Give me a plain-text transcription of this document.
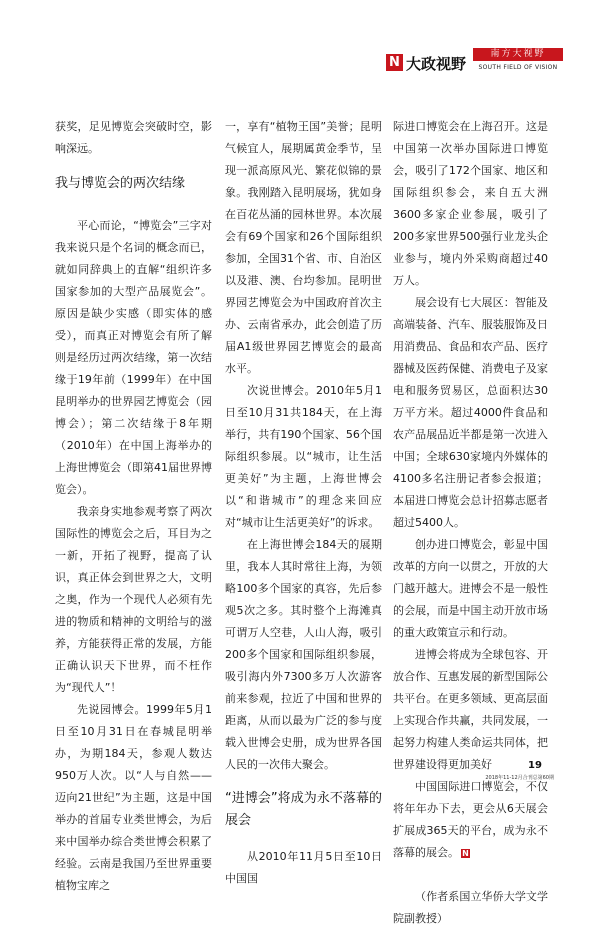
N 大政视野
南方大视野
SOUTH FIELD OF VISION

获奖，足见博览会突破时空，影响深远。

我与博览会的两次结缘

平心而论，“博览会”三字对我来说只是个名词的概念而已，就如同辞典上的直解“组织许多国家参加的大型产品展览会”。原因是缺少实感（即实体的感受），而真正对博览会有所了解则是经历过两次结缘，第一次结缘于19年前（1999年）在中国昆明举办的世界园艺博览会（园博会）；第二次结缘于8年期（2010年）在中国上海举办的上海世博览会（即第41届世界博览会）。

我亲身实地参观考察了两次国际性的博览会之后，耳目为之一新，开拓了视野，提高了认识，真正体会到世界之大，文明之奥，作为一个现代人必须有先进的物质和精神的文明给与的滋养，方能获得正常的发展，方能正确认识天下世界，而不枉作为“现代人”！

先说园博会。1999年5月1日至10月31日在春城昆明举办，为期184天，参观人数达950万人次。以“人与自然——迈向21世纪”为主题，这是中国举办的首届专业类世博会，为后来中国举办综合类世博会积累了经验。云南是我国乃至世界重要植物宝库之

一，享有“植物王国”美誉；昆明气候宜人，展期属黄金季节，呈现一派高原风光、繁花似锦的景象。我刚踏入昆明展场，犹如身在百花丛涌的园林世界。本次展会有69个国家和26个国际组织参加，全国31个省、市、自治区以及港、澳、台均参加。昆明世界园艺博览会为中国政府首次主办、云南省承办，此会创造了历届A1级世界园艺博览会的最高水平。

次说世博会。2010年5月1日至10月31共184天，在上海举行，共有190个国家、56个国际组织参展。以“城市，让生活更美好”为主题，上海世博会以“和谐城市”的理念来回应对“城市让生活更美好”的诉求。

在上海世博会184天的展期里，我本人其时常往上海，为领略100多个国家的真容，先后参观5次之多。其时整个上海滩真可谓万人空巷，人山人海，吸引200多个国家和国际组织参展，吸引海内外7300多万人次游客前来参观，拉近了中国和世界的距离，从而以最为广泛的参与度载入世博会史册，成为世界各国人民的一次伟大聚会。

“进博会”将成为永不落幕的展会

从2010年11月5日至10日中国国

际进口博览会在上海召开。这是中国第一次举办国际进口博览会，吸引了172个国家、地区和国际组织参会，来自五大洲3600多家企业参展，吸引了200多家世界500强行业龙头企业参与，境内外采购商超过40万人。

展会设有七大展区：智能及高端装备、汽车、服装服饰及日用消费品、食品和农产品、医疗器械及医药保健、消费电子及家电和服务贸易区，总面积达30万平方米。超过4000件食品和农产品展品近半都是第一次进入中国；全球630家境内外媒体的4100多名注册记者参会报道；本届进口博览会总计招募志愿者超过5400人。

创办进口博览会，彰显中国改革的方向一以贯之，开放的大门越开越大。进博会不是一般性的会展，而是中国主动开放市场的重大政策宣示和行动。

进博会将成为全球包容、开放合作、互惠发展的新型国际公共平台。在更多领域、更高层面上实现合作共赢，共同发展，一起努力构建人类命运共同体，把世界建设得更加美好

中国国际进口博览会，不仅将年年办下去，更会从6天展会扩展成365天的平台，成为永不落幕的展会。 N

（作者系国立华侨大学文学院副教授）

19
2018年11-12月合刊总第60期
